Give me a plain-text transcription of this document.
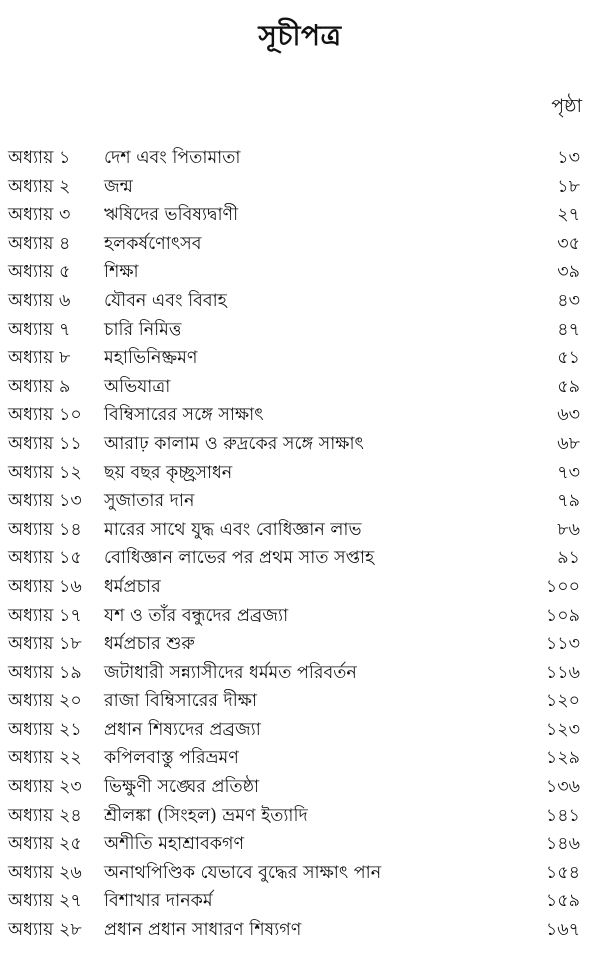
সূচীপত্র
পৃষ্ঠা
অধ্যায় ১ দেশ এবং পিতামাতা	১৩
অধ্যায় ২ জন্ম	১৮
অধ্যায় ৩ ঋষিদের ভবিষ্যদ্বাণী	২৭
অধ্যায় ৪ হলকর্ষণোৎসব	৩৫
অধ্যায় ৫ শিক্ষা	৩৯
অধ্যায় ৬ যৌবন এবং বিবাহ	৪৩
অধ্যায় ৭ চারি নিমিত্ত	৪৭
অধ্যায় ৮ মহাভিনিষ্ক্রমণ	৫১
অধ্যায় ৯ অভিযাত্রা	৫৯
অধ্যায় ১০ বিম্বিসারের সঙ্গে সাক্ষাৎ	৬৩
অধ্যায় ১১ আরাঢ় কালাম ও রুদ্রকের সঙ্গে সাক্ষাৎ	৬৮
অধ্যায় ১২ ছয় বছর কৃচ্ছ্রসাধন	৭৩
অধ্যায় ১৩ সুজাতার দান	৭৯
অধ্যায় ১৪ মারের সাথে যুদ্ধ এবং বোধিজ্ঞান লাভ	৮৬
অধ্যায় ১৫ বোধিজ্ঞান লাভের পর প্রথম সাত সপ্তাহ	৯১
অধ্যায় ১৬ ধর্মপ্রচার	১০০
অধ্যায় ১৭ যশ ও তাঁর বন্ধুদের প্রব্রজ্যা	১০৯
অধ্যায় ১৮ ধর্মপ্রচার শুরু	১১৩
অধ্যায় ১৯ জটাধারী সন্ন্যাসীদের ধর্মমত পরিবর্তন	১১৬
অধ্যায় ২০ রাজা বিম্বিসারের দীক্ষা	১২০
অধ্যায় ২১ প্রধান শিষ্যদের প্রব্রজ্যা	১২৩
অধ্যায় ২২ কপিলবাস্তু পরিভ্রমণ	১২৯
অধ্যায় ২৩ ভিক্ষুণী সঙ্ঘের প্রতিষ্ঠা	১৩৬
অধ্যায় ২৪ শ্রীলঙ্কা (সিংহল) ভ্রমণ ইত্যাদি	১৪১
অধ্যায় ২৫ অশীতি মহাশ্রাবকগণ	১৪৬
অধ্যায় ২৬ অনাথপিণ্ডিক যেভাবে বুদ্ধের সাক্ষাৎ পান	১৫৪
অধ্যায় ২৭ বিশাখার দানকর্ম	১৫৯
অধ্যায় ২৮ প্রধান প্রধান সাধারণ শিষ্যগণ	১৬৭
